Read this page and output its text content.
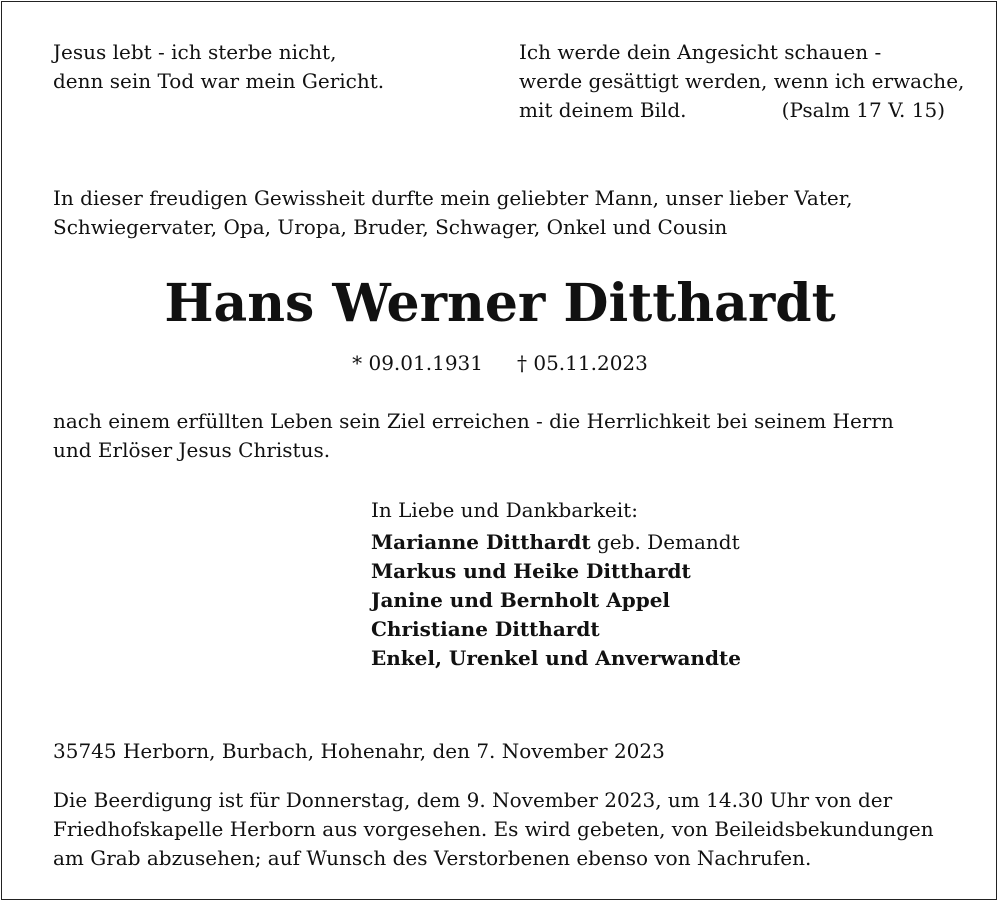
Jesus lebt - ich sterbe nicht,
denn sein Tod war mein Gericht.
Ich werde dein Angesicht schauen -
werde gesättigt werden, wenn ich erwache,
mit deinem Bild.	(Psalm 17 V. 15)
In dieser freudigen Gewissheit durfte mein geliebter Mann, unser lieber Vater,
Schwiegervater, Opa, Uropa, Bruder, Schwager, Onkel und Cousin
Hans Werner Ditthardt
* 09.01.1931 † 05.11.2023
nach einem erfüllten Leben sein Ziel erreichen - die Herrlichkeit bei seinem Herrn
und Erlöser Jesus Christus.
In Liebe und Dankbarkeit:
Marianne Ditthardt geb. Demandt
Markus und Heike Ditthardt
Janine und Bernholt Appel
Christiane Ditthardt
Enkel, Urenkel und Anverwandte
35745 Herborn, Burbach, Hohenahr, den 7. November 2023
Die Beerdigung ist für Donnerstag, dem 9. November 2023, um 14.30 Uhr von der
Friedhofskapelle Herborn aus vorgesehen. Es wird gebeten, von Beileidsbekundungen
am Grab abzusehen; auf Wunsch des Verstorbenen ebenso von Nachrufen.
